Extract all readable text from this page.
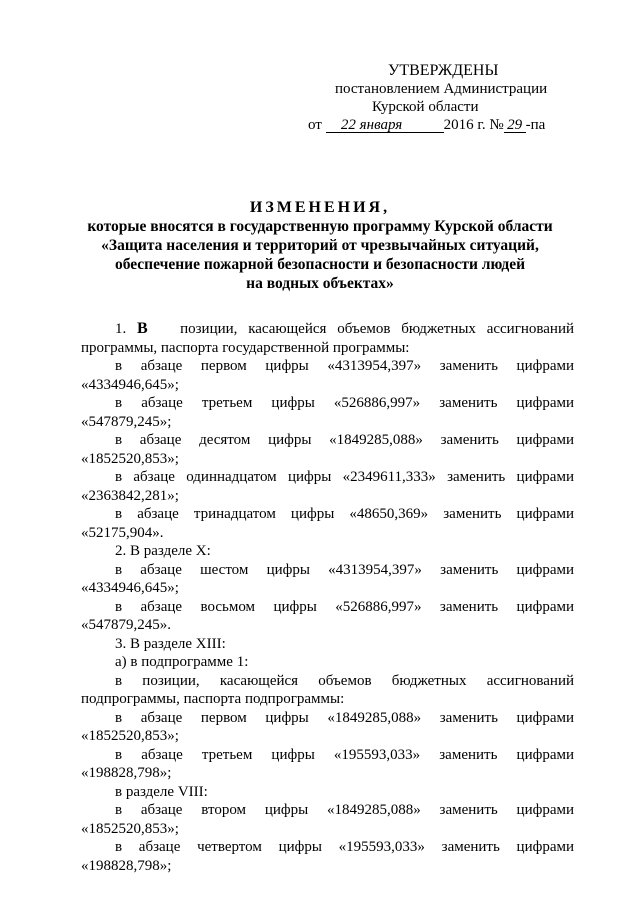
УТВЕРЖДЕНЫ
постановлением Администрации
Курской области
от 22 января	2016 г. № 29 -па
ИЗМЕНЕНИЯ,
которые вносятся в государственную программу Курской области
«Защита населения и территорий от чрезвычайных ситуаций,
обеспечение пожарной безопасности и безопасности людей
на водных объектах»
1. В позиции, касающейся объемов бюджетных ассигнований
программы, паспорта государственной программы:
в абзаце первом цифры «4313954,397» заменить цифрами
«4334946,645»;
в абзаце третьем цифры «526886,997» заменить цифрами
«547879,245»;
в абзаце десятом цифры «1849285,088» заменить цифрами
«1852520,853»;
в абзаце одиннадцатом цифры «2349611,333» заменить цифрами
«2363842,281»;
в абзаце тринадцатом цифры «48650,369» заменить цифрами
«52175,904».
2. В разделе X:
в абзаце шестом цифры «4313954,397» заменить цифрами
«4334946,645»;
в абзаце восьмом цифры «526886,997» заменить цифрами
«547879,245».
3. В разделе XIII:
а) в подпрограмме 1:
в позиции, касающейся объемов бюджетных ассигнований
подпрограммы, паспорта подпрограммы:
в абзаце первом цифры «1849285,088» заменить цифрами
«1852520,853»;
в абзаце третьем цифры «195593,033» заменить цифрами
«198828,798»;
в разделе VIII:
в абзаце втором цифры «1849285,088» заменить цифрами
«1852520,853»;
в абзаце четвертом цифры «195593,033» заменить цифрами
«198828,798»;
